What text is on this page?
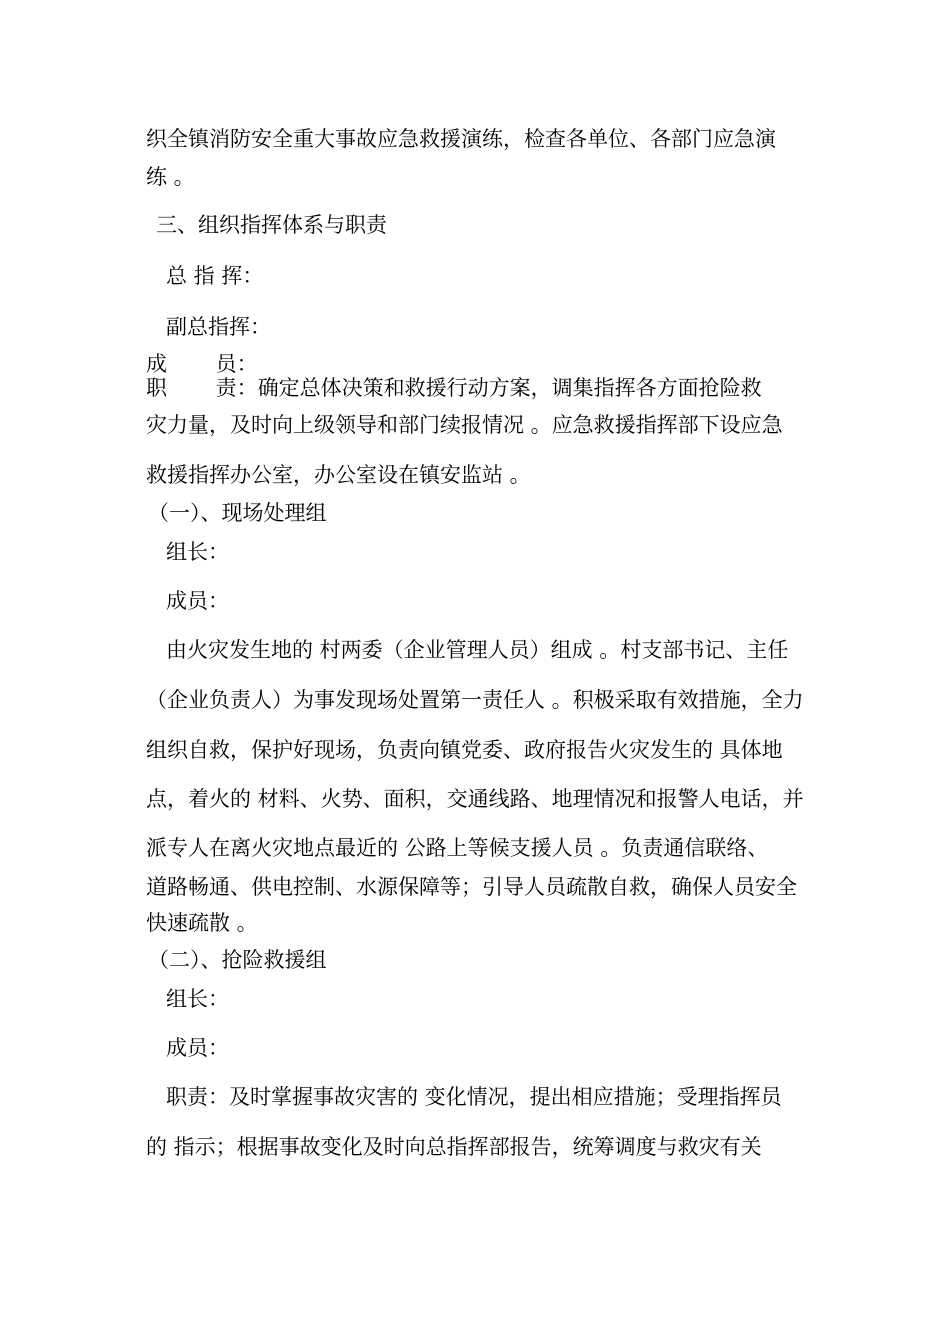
织全镇消防安全重大事故应急救援演练，检查各单位、各部门应急演
练 。
三、组织指挥体系与职责
总 指 挥：
副总指挥：
成　　 员：
职　　 责：确定总体决策和救援行动方案，调集指挥各方面抢险救
灾力量，及时向上级领导和部门续报情况 。应急救援指挥部下设应急
救援指挥办公室，办公室设在镇安监站 。
（一）、现场处理组
组长：
成员：
由火灾发生地的 村两委（企业管理人员）组成 。村支部书记、主任
（企业负责人）为事发现场处置第一责任人 。积极采取有效措施，全力
组织自救，保护好现场，负责向镇党委、政府报告火灾发生的 具体地
点，着火的 材料、火势、面积，交通线路、地理情况和报警人电话，并
派专人在离火灾地点最近的 公路上等候支援人员 。负责通信联络、
道路畅通、供电控制、水源保障等；引导人员疏散自救，确保人员安全
快速疏散 。
（二）、抢险救援组
组长：
成员：
职责：及时掌握事故灾害的 变化情况，提出相应措施；受理指挥员
的 指示；根据事故变化及时向总指挥部报告，统筹调度与救灾有关
